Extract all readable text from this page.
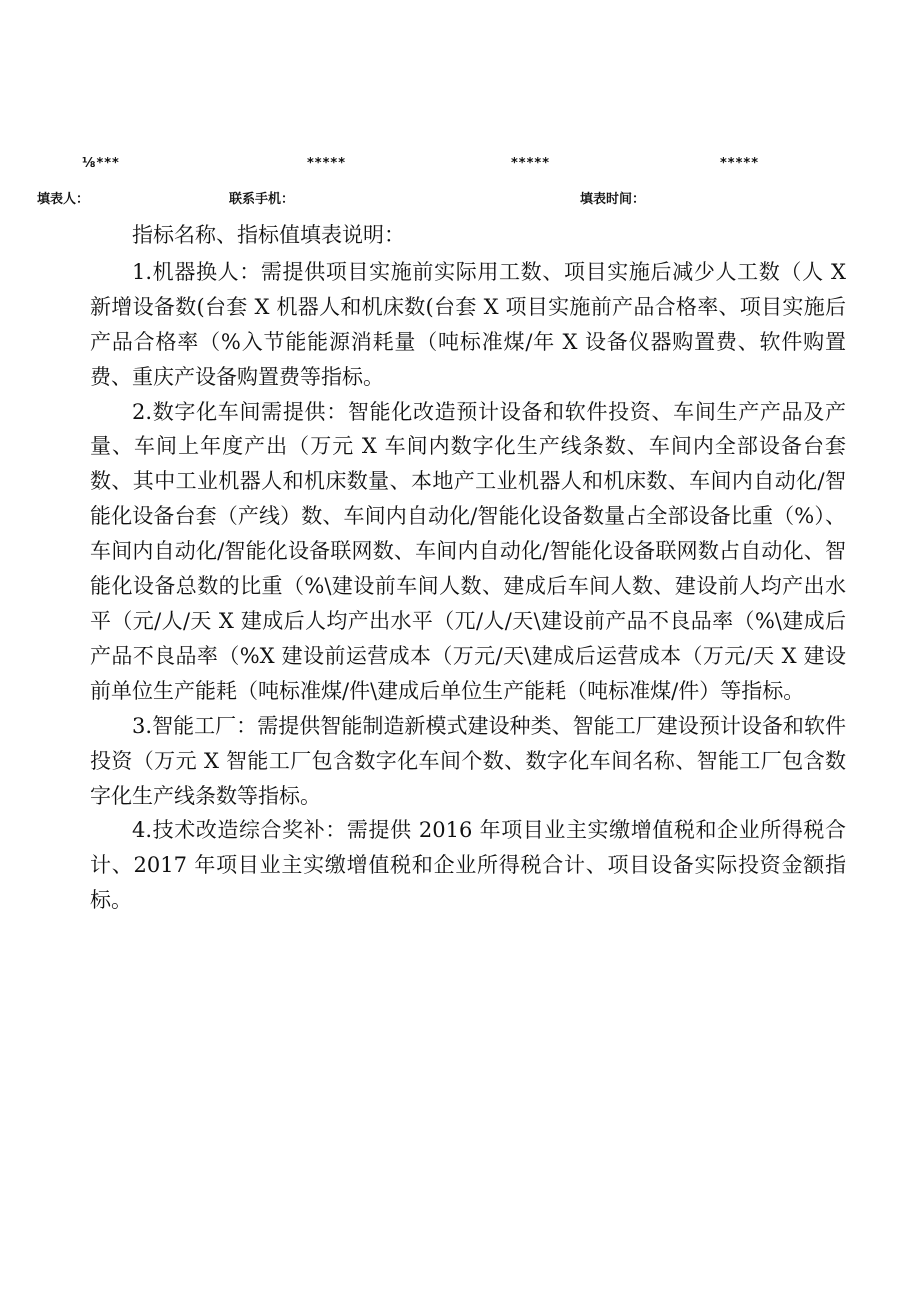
⅛***	*****	*****	*****
填表人：	联系手机：	填表时间：

指标名称、指标值填表说明：

1.机器换人：需提供项目实施前实际用工数、项目实施后减少人工数（人 X 新增设备数(台套 X 机器人和机床数(台套 X 项目实施前产品合格率、项目实施后产品合格率（%入节能能源消耗量（吨标准煤/年 X 设备仪器购置费、软件购置费、重庆产设备购置费等指标。

2.数字化车间需提供：智能化改造预计设备和软件投资、车间生产产品及产量、车间上年度产出（万元 X 车间内数字化生产线条数、车间内全部设备台套数、其中工业机器人和机床数量、本地产工业机器人和机床数、车间内自动化/智能化设备台套（产线）数、车间内自动化/智能化设备数量占全部设备比重（%）、车间内自动化/智能化设备联网数、车间内自动化/智能化设备联网数占自动化、智能化设备总数的比重（%\建设前车间人数、建成后车间人数、建设前人均产出水平（元/人/天 X 建成后人均产出水平（兀/人/天\建设前产品不良品率（%\建成后产品不良品率（%X 建设前运营成本（万元/天\建成后运营成本（万元/天 X 建设前单位生产能耗（吨标准煤/件\建成后单位生产能耗（吨标准煤/件）等指标。

3.智能工厂：需提供智能制造新模式建设种类、智能工厂建设预计设备和软件投资（万元 X 智能工厂包含数字化车间个数、数字化车间名称、智能工厂包含数字化生产线条数等指标。

4.技术改造综合奖补：需提供 2016 年项目业主实缴增值税和企业所得税合计、2017 年项目业主实缴增值税和企业所得税合计、项目设备实际投资金额指标。
